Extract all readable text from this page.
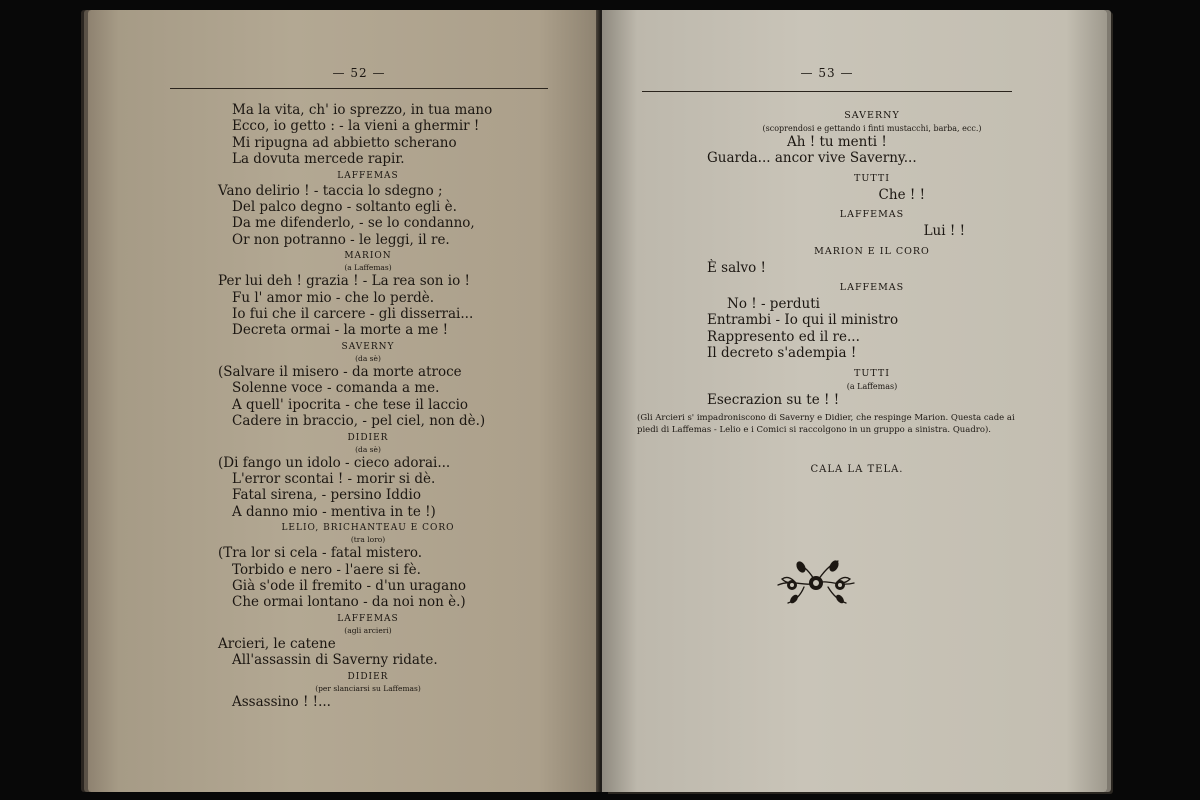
— 52 —
Ma la vita, ch' io sprezzo, in tua mano
Ecco, io getto : - la vieni a ghermir !
Mi ripugna ad abbietto scherano
La dovuta mercede rapir.
LAFFEMAS
Vano delirio ! - taccia lo sdegno ;
Del palco degno - soltanto egli è.
Da me difenderlo, - se lo condanno,
Or non potranno - le leggi, il re.
MARION
(a Laffemas)
Per lui deh ! grazia ! - La rea son io !
Fu l' amor mio - che lo perdè.
Io fui che il carcere - gli disserrai...
Decreta ormai - la morte a me !
SAVERNY
(da sè)
(Salvare il misero - da morte atroce
Solenne voce - comanda a me.
A quell' ipocrita - che tese il laccio
Cadere in braccio, - pel ciel, non dè.)
DIDIER
(da sè)
(Di fango un idolo - cieco adorai...
L'error scontai ! - morir si dè.
Fatal sirena, - persino Iddio
A danno mio - mentiva in te !)
LELIO, BRICHANTEAU E CORO
(tra loro)
(Tra lor si cela - fatal mistero.
Torbido e nero - l'aere si fè.
Già s'ode il fremito - d'un uragano
Che ormai lontano - da noi non è.)
LAFFEMAS
(agli arcieri)
Arcieri, le catene
All'assassin di Saverny ridate.
DIDIER
(per slanciarsi su Laffemas)
Assassino ! !...
— 53 —
SAVERNY
(scoprendosi e gettando i finti mustacchi, barba, ecc.)
Ah ! tu menti !
Guarda... ancor vive Saverny...
TUTTI
Che ! !
LAFFEMAS
Lui ! !
MARION E IL CORO
È salvo !
LAFFEMAS
No ! - perduti
Entrambi - Io qui il ministro
Rappresento ed il re...
Il decreto s'adempia !
TUTTI
(a Laffemas)
Esecrazion su te ! !
(Gli Arcieri s' impadroniscono di Saverny e Didier, che respinge Marion. Questa cade ai piedi di Laffemas - Lelio e i Comici si raccolgono in un gruppo a sinistra. Quadro).
CALA LA TELA.
